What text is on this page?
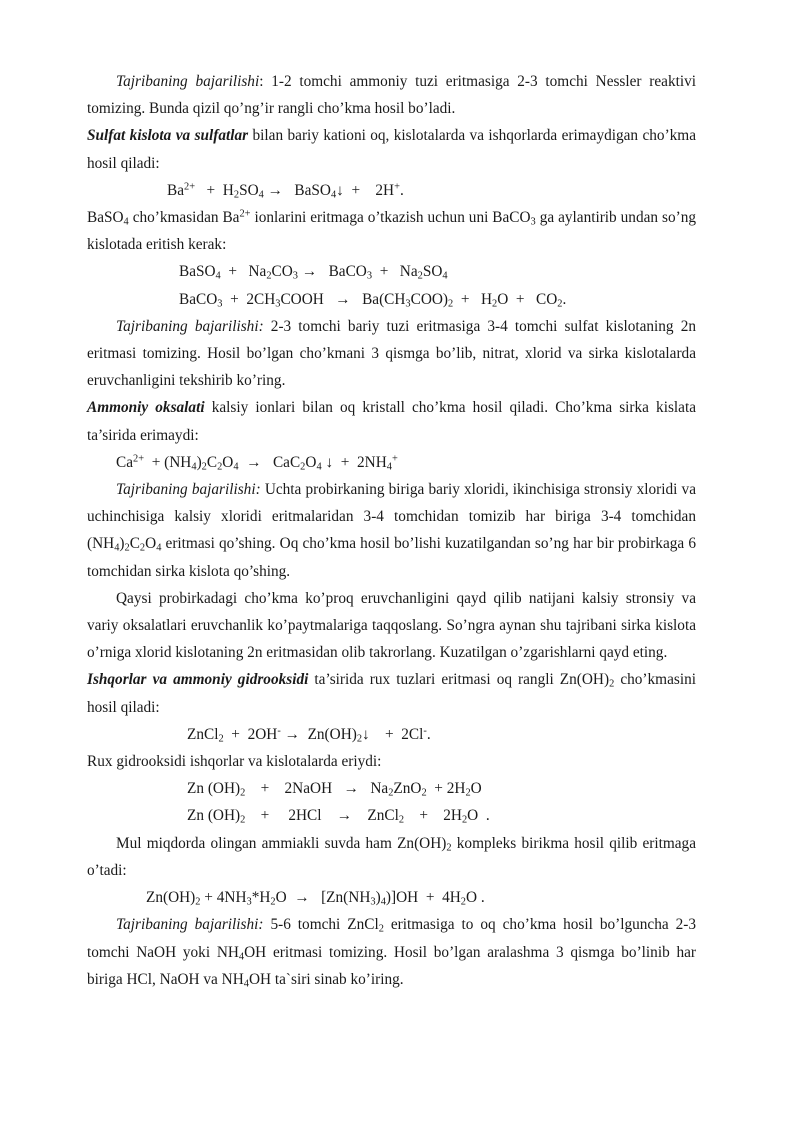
Tajribaning bajarilishi: 1-2 tomchi ammoniy tuzi eritmasiga 2-3 tomchi Nessler reaktivi tomizing. Bunda qizil qo’ng’ir rangli cho’kma hosil bo’ladi.
Sulfat kislota va sulfatlar bilan bariy kationi oq, kislotalarda va ishqorlarda erimaydigan cho’kma hosil qiladi:
$Ba^{2+} + H_2SO_4$ →   BaSO$_4$↓  +    2H+.
BaSO$_4$ cho’kmasidan $Ba^{2+}$ ionlarini eritmaga o’tkazish uchun uni BaCO$_3$ ga aylantirib undan so’ng kislotada eritish kerak:
BaSO$_4$  +   $Na_2CO_3$ →   BaCO$_3$  +   $Na_2SO_4$
BaCO$_3$  +  $2CH_3COOH \to Ba(CH_3COO)_2 + H_2O + CO_2$.
Tajribaning bajarilishi: 2-3 tomchi bariy tuzi eritmasiga 3-4 tomchi sulfat kislotaning 2n eritmasi tomizing. Hosil bo’lgan cho’kmani 3 qismga bo’lib, nitrat, xlorid va sirka kislotalarda eruvchanligini tekshirib ko’ring.
Ammoniy oksalati kalsiy ionlari bilan oq kristall cho’kma hosil qiladi. Cho’kma sirka kislata ta’sirida erimaydi:
$Ca^{2+} + (NH_4)_2C_2O_4 \to CaC_2O_4$ ↓  +  $2NH_4^+$
Tajribaning bajarilishi: Uchta probirkaning biriga bariy xloridi, ikinchisiga stronsiy xloridi va uchinchisiga kalsiy xloridi eritmalaridan 3-4 tomchidan tomizib har biriga 3-4 tomchidan $(NH_4)_2C_2O_4$ eritmasi qo’shing. Oq cho’kma hosil bo’lishi kuzatilgandan so’ng har bir probirkaga 6 tomchidan sirka kislota qo’shing.
Qaysi probirkadagi cho’kma ko’proq eruvchanligini qayd qilib natijani kalsiy stronsiy va variy oksalatlari eruvchanlik ko’paytmalariga taqqoslang. So’ngra aynan shu tajribani sirka kislota o’rniga xlorid kislotaning 2n eritmasidan olib takrorlang. Kuzatilgan o’zgarishlarni qayd eting.
Ishqorlar va ammoniy gidrooksidi ta’sirida rux tuzlari eritmasi oq rangli $Zn(OH)_2$ cho’kmasini hosil qiladi:
ZnCl$_2$  +  $2OH^- \to Zn(OH)_2↓$    +  2Cl-.
Rux gidrooksidi ishqorlar va kislotalarda eriydi:
Zn $(OH)_2$    +    2NaOH   →   $Na_2ZnO_2 + 2H_2O$
Zn $(OH)_2$    +     2HCl    →    ZnCl$_2$    +    $2H_2O$  .
Mul miqdorda olingan ammiakli suvda ham $Zn(OH)_2$ kompleks birikma hosil qilib eritmaga o’tadi:
$Zn(OH)_2 + 4NH_3*H_2O \to [Zn(NH_3)_4)]OH + 4H_2O$ .
Tajribaning bajarilishi: 5-6 tomchi ZnCl$_2$ eritmasiga to oq cho’kma hosil bo’lguncha 2-3 tomchi NaOH yoki $NH_4OH$ eritmasi tomizing. Hosil bo’lgan aralashma 3 qismga bo’linib har biriga HCl, NaOH va $NH_4OH$ ta`siri sinab ko’iring.
